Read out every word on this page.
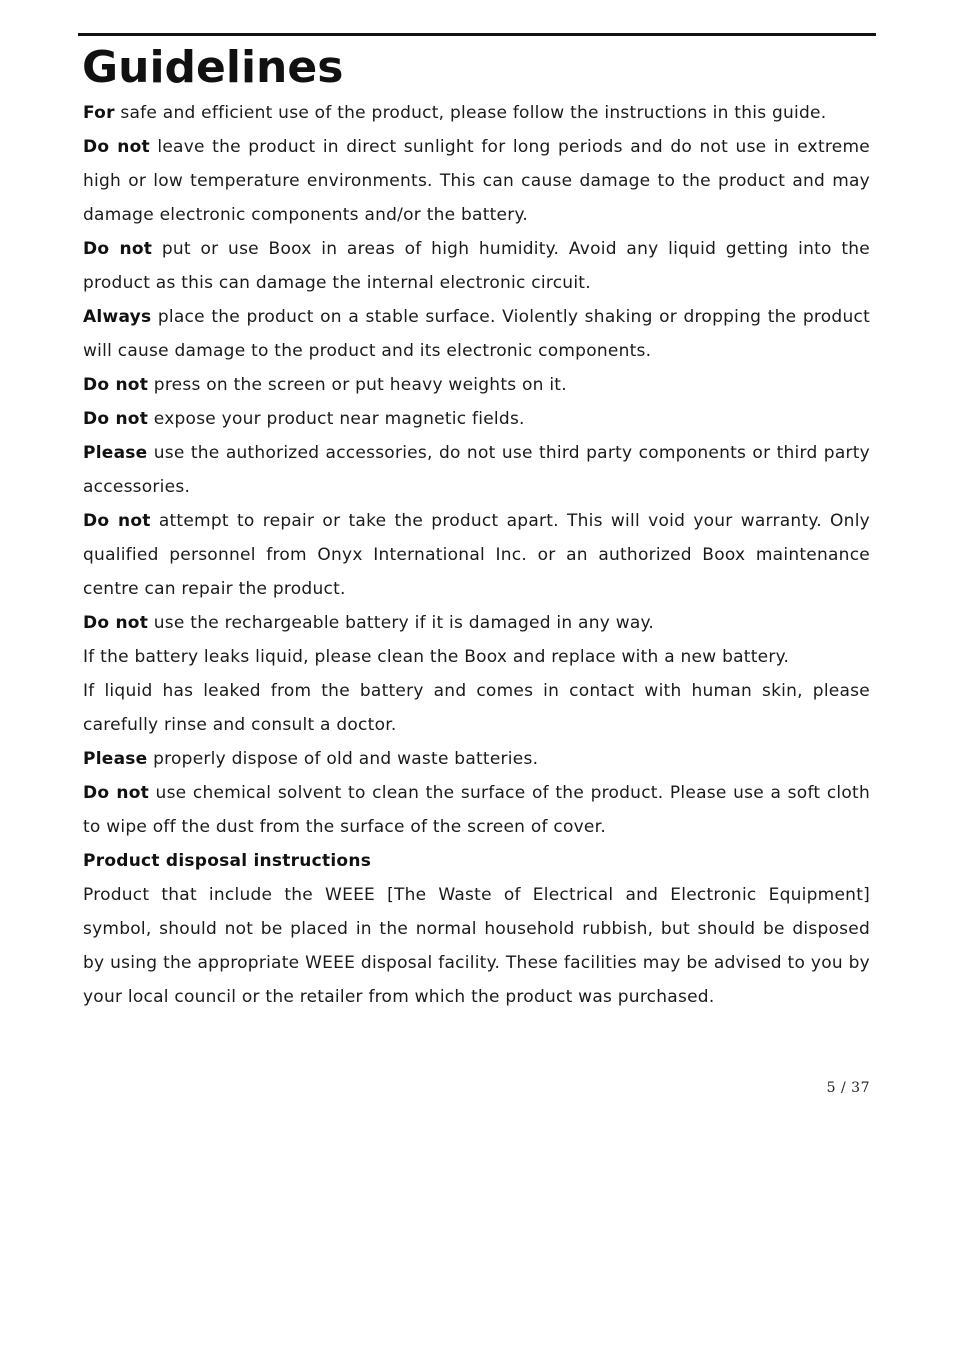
Guidelines

For safe and efficient use of the product, please follow the instructions in this guide.

Do not leave the product in direct sunlight for long periods and do not use in extreme high or low temperature environments. This can cause damage to the product and may damage electronic components and/or the battery.

Do not put or use Boox in areas of high humidity. Avoid any liquid getting into the product as this can damage the internal electronic circuit.

Always place the product on a stable surface. Violently shaking or dropping the product will cause damage to the product and its electronic components.

Do not press on the screen or put heavy weights on it.

Do not expose your product near magnetic fields.

Please use the authorized accessories, do not use third party components or third party accessories.

Do not attempt to repair or take the product apart. This will void your warranty. Only qualified personnel from Onyx International Inc. or an authorized Boox maintenance centre can repair the product.

Do not use the rechargeable battery if it is damaged in any way.

If the battery leaks liquid, please clean the Boox and replace with a new battery.

If liquid has leaked from the battery and comes in contact with human skin, please carefully rinse and consult a doctor.

Please properly dispose of old and waste batteries.

Do not use chemical solvent to clean the surface of the product. Please use a soft cloth to wipe off the dust from the surface of the screen of cover.

Product disposal instructions

Product that include the WEEE [The Waste of Electrical and Electronic Equipment] symbol, should not be placed in the normal household rubbish, but should be disposed by using the appropriate WEEE disposal facility. These facilities may be advised to you by your local council or the retailer from which the product was purchased.

5 / 37
